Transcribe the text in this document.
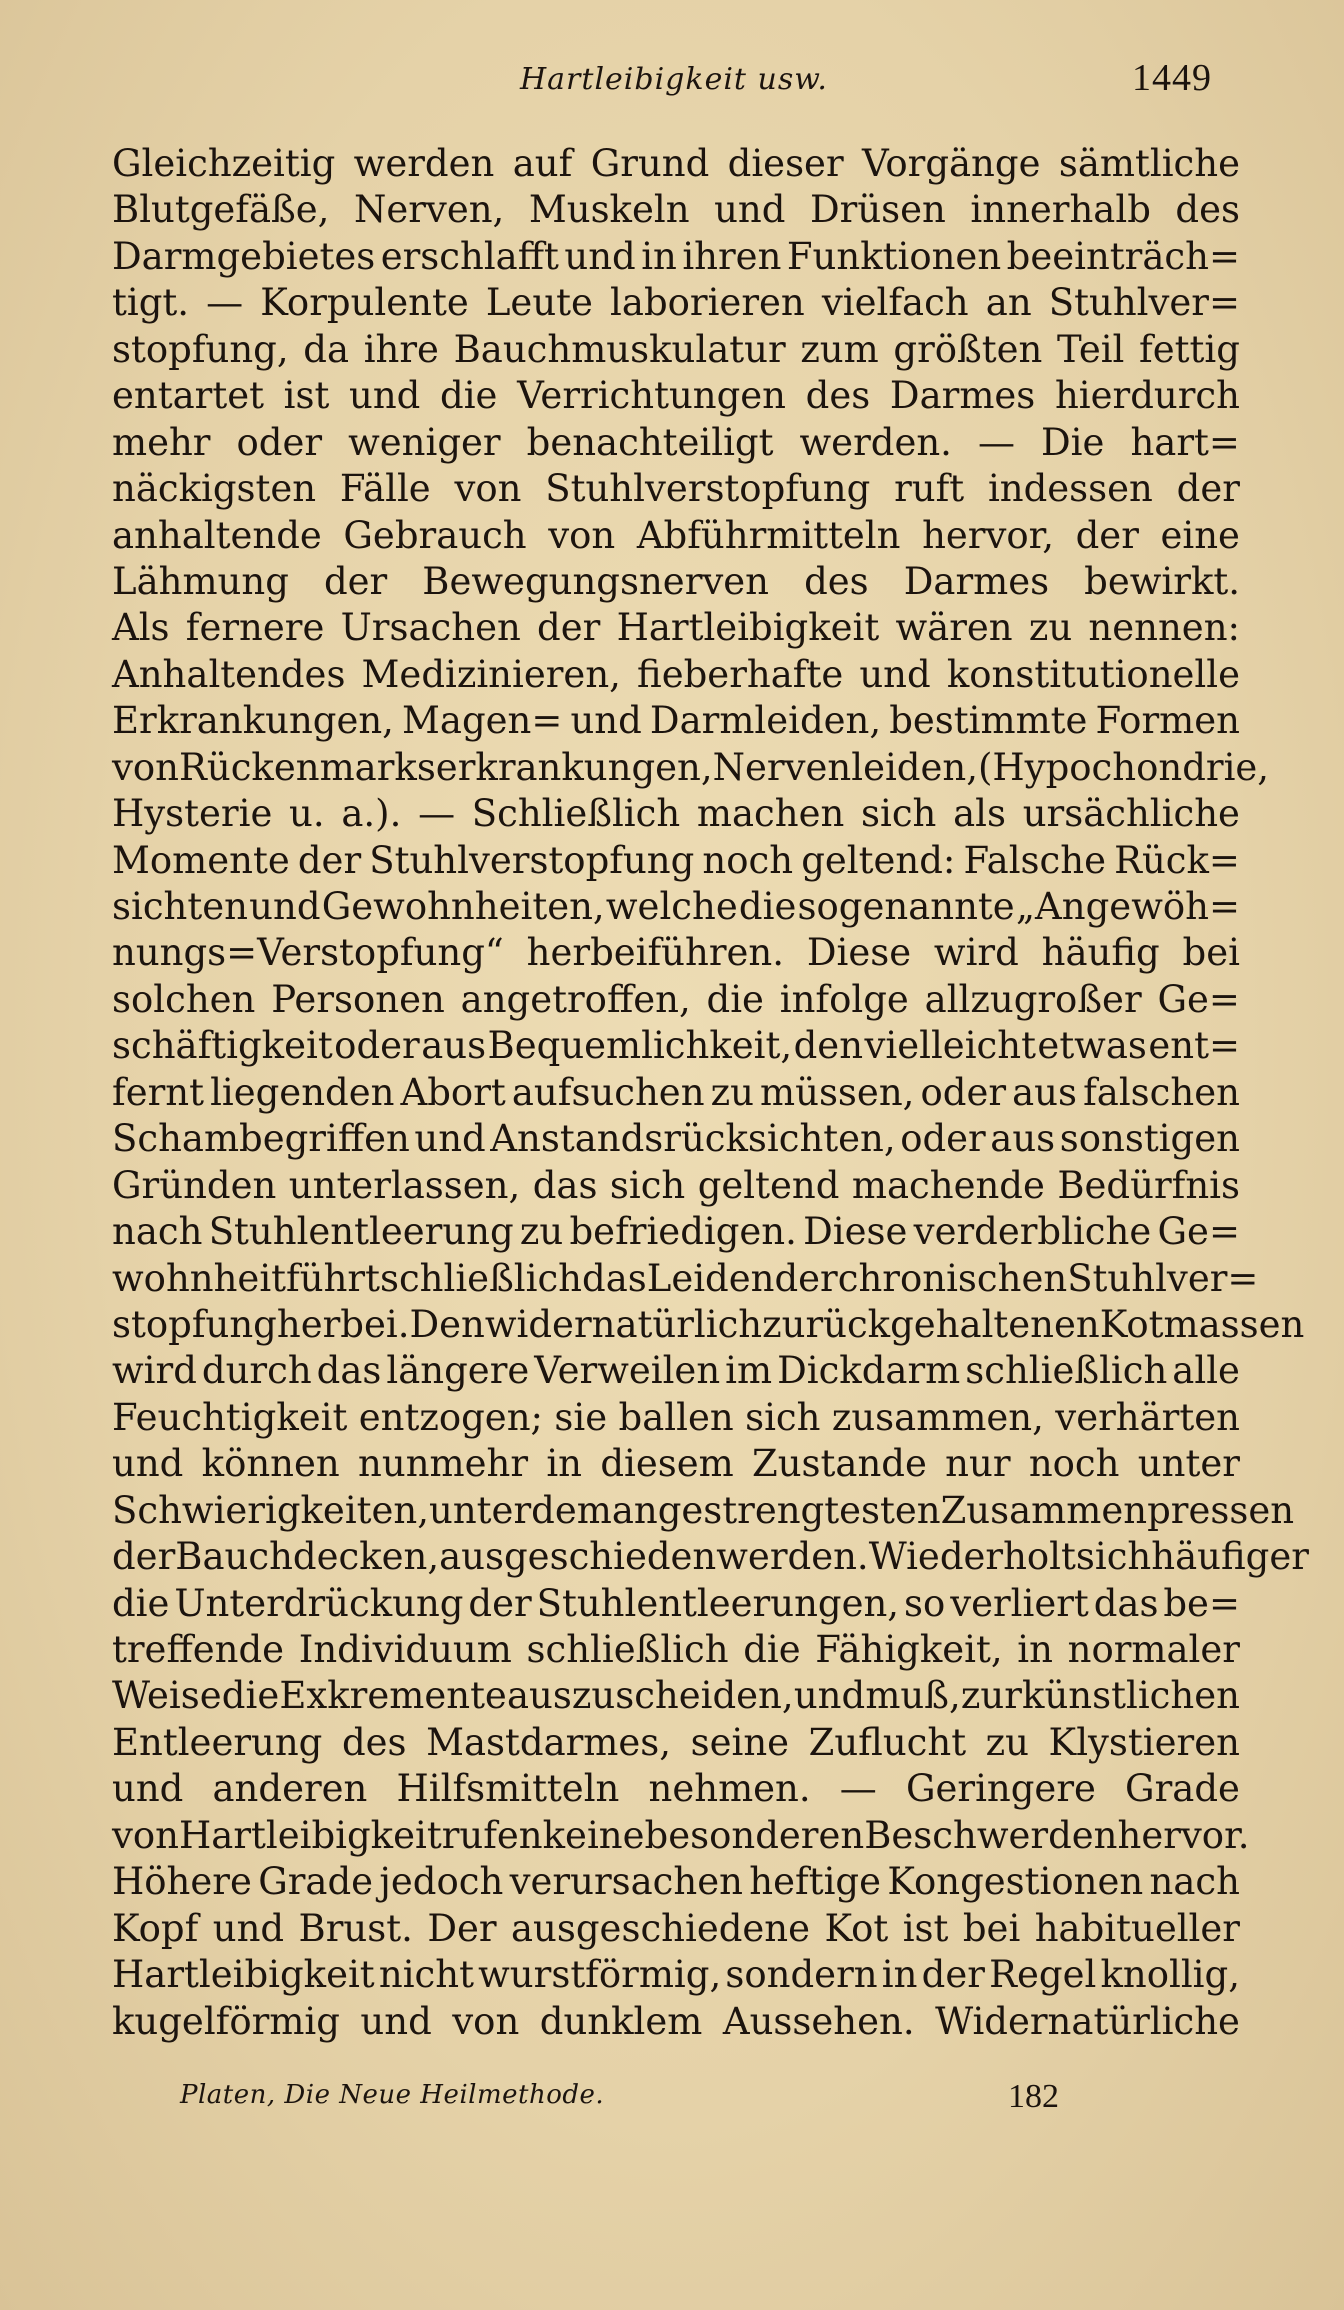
Hartleibigkeit usw.	1449
Gleichzeitig werden auf Grund dieser Vorgänge sämtliche
Blutgefäße, Nerven, Muskeln und Drüsen innerhalb des
Darmgebietes erschlafft und in ihren Funktionen beeinträch=
tigt. — Korpulente Leute laborieren vielfach an Stuhlver=
stopfung, da ihre Bauchmuskulatur zum größten Teil fettig
entartet ist und die Verrichtungen des Darmes hierdurch
mehr oder weniger benachteiligt werden. — Die hart=
näckigsten Fälle von Stuhlverstopfung ruft indessen der
anhaltende Gebrauch von Abführmitteln hervor, der eine
Lähmung der Bewegungsnerven des Darmes bewirkt.
Als fernere Ursachen der Hartleibigkeit wären zu nennen:
Anhaltendes Medizinieren, fieberhafte und konstitutionelle
Erkrankungen, Magen= und Darmleiden, bestimmte Formen
von Rückenmarkserkrankungen, Nervenleiden, (Hypochondrie,
Hysterie u. a.). — Schließlich machen sich als ursächliche
Momente der Stuhlverstopfung noch geltend: Falsche Rück=
sichten und Gewohnheiten, welche die sogenannte „Angewöh=
nungs=Verstopfung“ herbeiführen. Diese wird häufig bei
solchen Personen angetroffen, die infolge allzugroßer Ge=
schäftigkeit oder aus Bequemlichkeit, den vielleicht etwas ent=
fernt liegenden Abort aufsuchen zu müssen, oder aus falschen
Schambegriffen und Anstandsrücksichten, oder aus sonstigen
Gründen unterlassen, das sich geltend machende Bedürfnis
nach Stuhlentleerung zu befriedigen. Diese verderbliche Ge=
wohnheit führt schließlich das Leiden der chronischen Stuhlver=
stopfung herbei. Den widernatürlich zurückgehaltenen Kotmassen
wird durch das längere Verweilen im Dickdarm schließlich alle
Feuchtigkeit entzogen; sie ballen sich zusammen, verhärten
und können nunmehr in diesem Zustande nur noch unter
Schwierigkeiten, unter dem angestrengtesten Zusammenpressen
der Bauchdecken, ausgeschieden werden. Wiederholt sich häufiger
die Unterdrückung der Stuhlentleerungen, so verliert das be=
treffende Individuum schließlich die Fähigkeit, in normaler
Weise die Exkremente auszuscheiden, und muß, zur künstlichen
Entleerung des Mastdarmes, seine Zuflucht zu Klystieren
und anderen Hilfsmitteln nehmen. — Geringere Grade
von Hartleibigkeit rufen keine besonderen Beschwerden hervor.
Höhere Grade jedoch verursachen heftige Kongestionen nach
Kopf und Brust. Der ausgeschiedene Kot ist bei habitueller
Hartleibigkeit nicht wurstförmig, sondern in der Regel knollig,
kugelförmig und von dunklem Aussehen. Widernatürliche
Platen, Die Neue Heilmethode.	182
